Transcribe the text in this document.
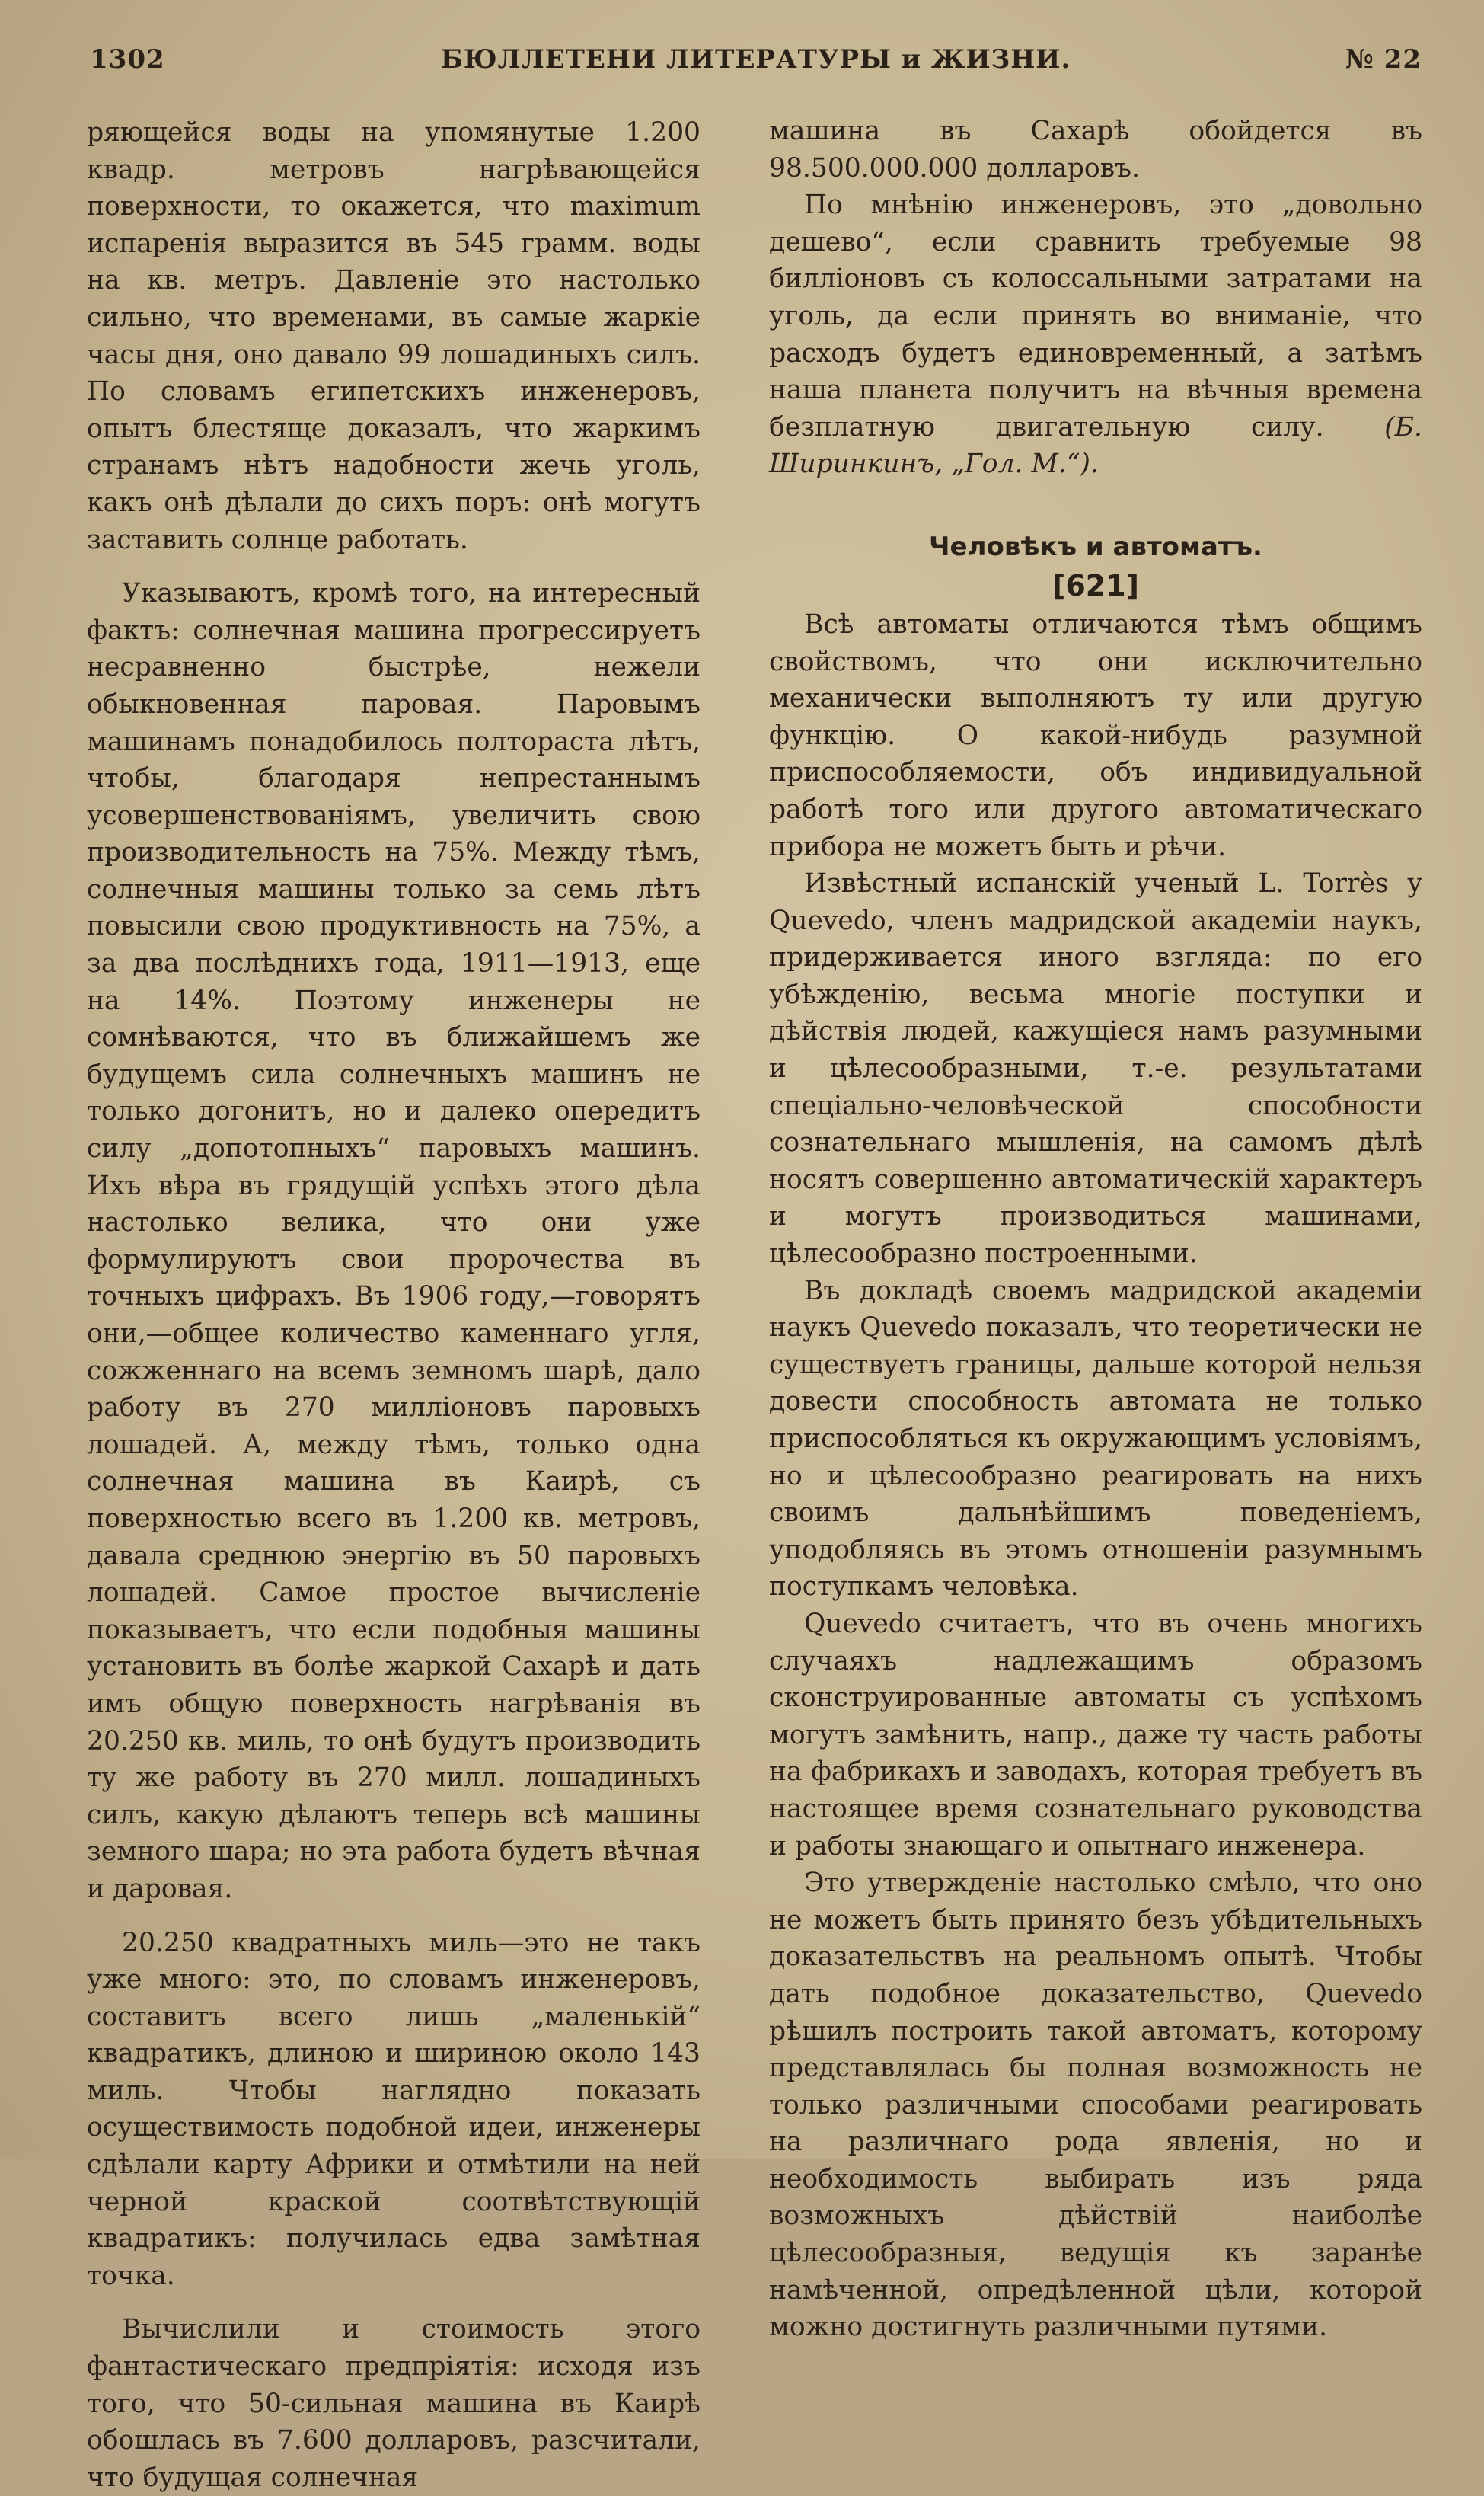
1302	БЮЛЛЕТЕНИ ЛИТЕРАТУРЫ и ЖИЗНИ.	№ 22

ряющейся воды на упомянутые 1.200 квадр. метровъ нагрѣвающейся поверхности, то окажется, что maximum испаренія выразится въ 545 грамм. воды на кв. метръ. Давленіе это настолько сильно, что временами, въ самые жаркіе часы дня, оно давало 99 лошадиныхъ силъ. По словамъ египетскихъ инженеровъ, опытъ блестяще доказалъ, что жаркимъ странамъ нѣтъ надобности жечь уголь, какъ онѣ дѣлали до сихъ поръ: онѣ могутъ заставить солнце работать.

Указываютъ, кромѣ того, на интересный фактъ: солнечная машина прогрессируетъ несравненно быстрѣе, нежели обыкновенная паровая. Паровымъ машинамъ понадобилось полтораста лѣтъ, чтобы, благодаря непрестаннымъ усовершенствованіямъ, увеличить свою производительность на 75%. Между тѣмъ, солнечныя машины только за семь лѣтъ повысили свою продуктивность на 75%, а за два послѣднихъ года, 1911—1913, еще на 14%. Поэтому инженеры не сомнѣваются, что въ ближайшемъ же будущемъ сила солнечныхъ машинъ не только догонитъ, но и далеко опередитъ силу „допотопныхъ“ паровыхъ машинъ. Ихъ вѣра въ грядущій успѣхъ этого дѣла настолько велика, что они уже формулируютъ свои пророчества въ точныхъ цифрахъ. Въ 1906 году,—говорятъ они,—общее количество каменнаго угля, сожженнаго на всемъ земномъ шарѣ, дало работу въ 270 милліоновъ паровыхъ лошадей. А, между тѣмъ, только одна солнечная машина въ Каирѣ, съ поверхностью всего въ 1.200 кв. метровъ, давала среднюю энергію въ 50 паровыхъ лошадей. Самое простое вычисленіе показываетъ, что если подобныя машины установить въ болѣе жаркой Сахарѣ и дать имъ общую поверхность нагрѣванія въ 20.250 кв. миль, то онѣ будутъ производить ту же работу въ 270 милл. лошадиныхъ силъ, какую дѣлаютъ теперь всѣ машины земного шара; но эта работа будетъ вѣчная и даровая.

20.250 квадратныхъ миль—это не такъ уже много: это, по словамъ инженеровъ, составитъ всего лишь „маленькій“ квадратикъ, длиною и шириною около 143 миль. Чтобы наглядно показать осуществимость подобной идеи, инженеры сдѣлали карту Африки и отмѣтили на ней черной краской соотвѣтствующій квадратикъ: получилась едва замѣтная точка.

Вычислили и стоимость этого фантастическаго предпріятія: исходя изъ того, что 50-сильная машина въ Каирѣ обошлась въ 7.600 долларовъ, разсчитали, что будущая солнечная

машина въ Сахарѣ обойдется въ 98.500.000.000 долларовъ.

По мнѣнію инженеровъ, это „довольно дешево“, если сравнить требуемые 98 билліоновъ съ колоссальными затратами на уголь, да если принять во вниманіе, что расходъ будетъ единовременный, а затѣмъ наша планета получитъ на вѣчныя времена безплатную двигательную силу. (Б. Ширинкинъ, „Гол. М.“).

Человѣкъ и автоматъ.

[621]

Всѣ автоматы отличаются тѣмъ общимъ свойствомъ, что они исключительно механически выполняютъ ту или другую функцію. О какой-нибудь разумной приспособляемости, объ индивидуальной работѣ того или другого автоматическаго прибора не можетъ быть и рѣчи.

Извѣстный испанскій ученый L. Torrès y Quevedo, членъ мадридской академіи наукъ, придерживается иного взгляда: по его убѣжденію, весьма многіе поступки и дѣйствія людей, кажущіеся намъ разумными и цѣлесообразными, т.-е. результатами спеціально-человѣческой способности сознательнаго мышленія, на самомъ дѣлѣ носятъ совершенно автоматическій характеръ и могутъ производиться машинами, цѣлесообразно построенными.

Въ докладѣ своемъ мадридской академіи наукъ Quevedo показалъ, что теоретически не существуетъ границы, дальше которой нельзя довести способность автомата не только приспособляться къ окружающимъ условіямъ, но и цѣлесообразно реагировать на нихъ своимъ дальнѣйшимъ поведеніемъ, уподобляясь въ этомъ отношеніи разумнымъ поступкамъ человѣка.

Quevedo считаетъ, что въ очень многихъ случаяхъ надлежащимъ образомъ сконструированные автоматы съ успѣхомъ могутъ замѣнить, напр., даже ту часть работы на фабрикахъ и заводахъ, которая требуетъ въ настоящее время сознательнаго руководства и работы знающаго и опытнаго инженера.

Это утвержденіе настолько смѣло, что оно не можетъ быть принято безъ убѣдительныхъ доказательствъ на реальномъ опытѣ. Чтобы дать подобное доказательство, Quevedo рѣшилъ построить такой автоматъ, которому представлялась бы полная возможность не только различными способами реагировать на различнаго рода явленія, но и необходимость выбирать изъ ряда возможныхъ дѣйствій наиболѣе цѣлесообразныя, ведущія къ заранѣе намѣченной, опредѣленной цѣли, которой можно достигнуть различными путями.
